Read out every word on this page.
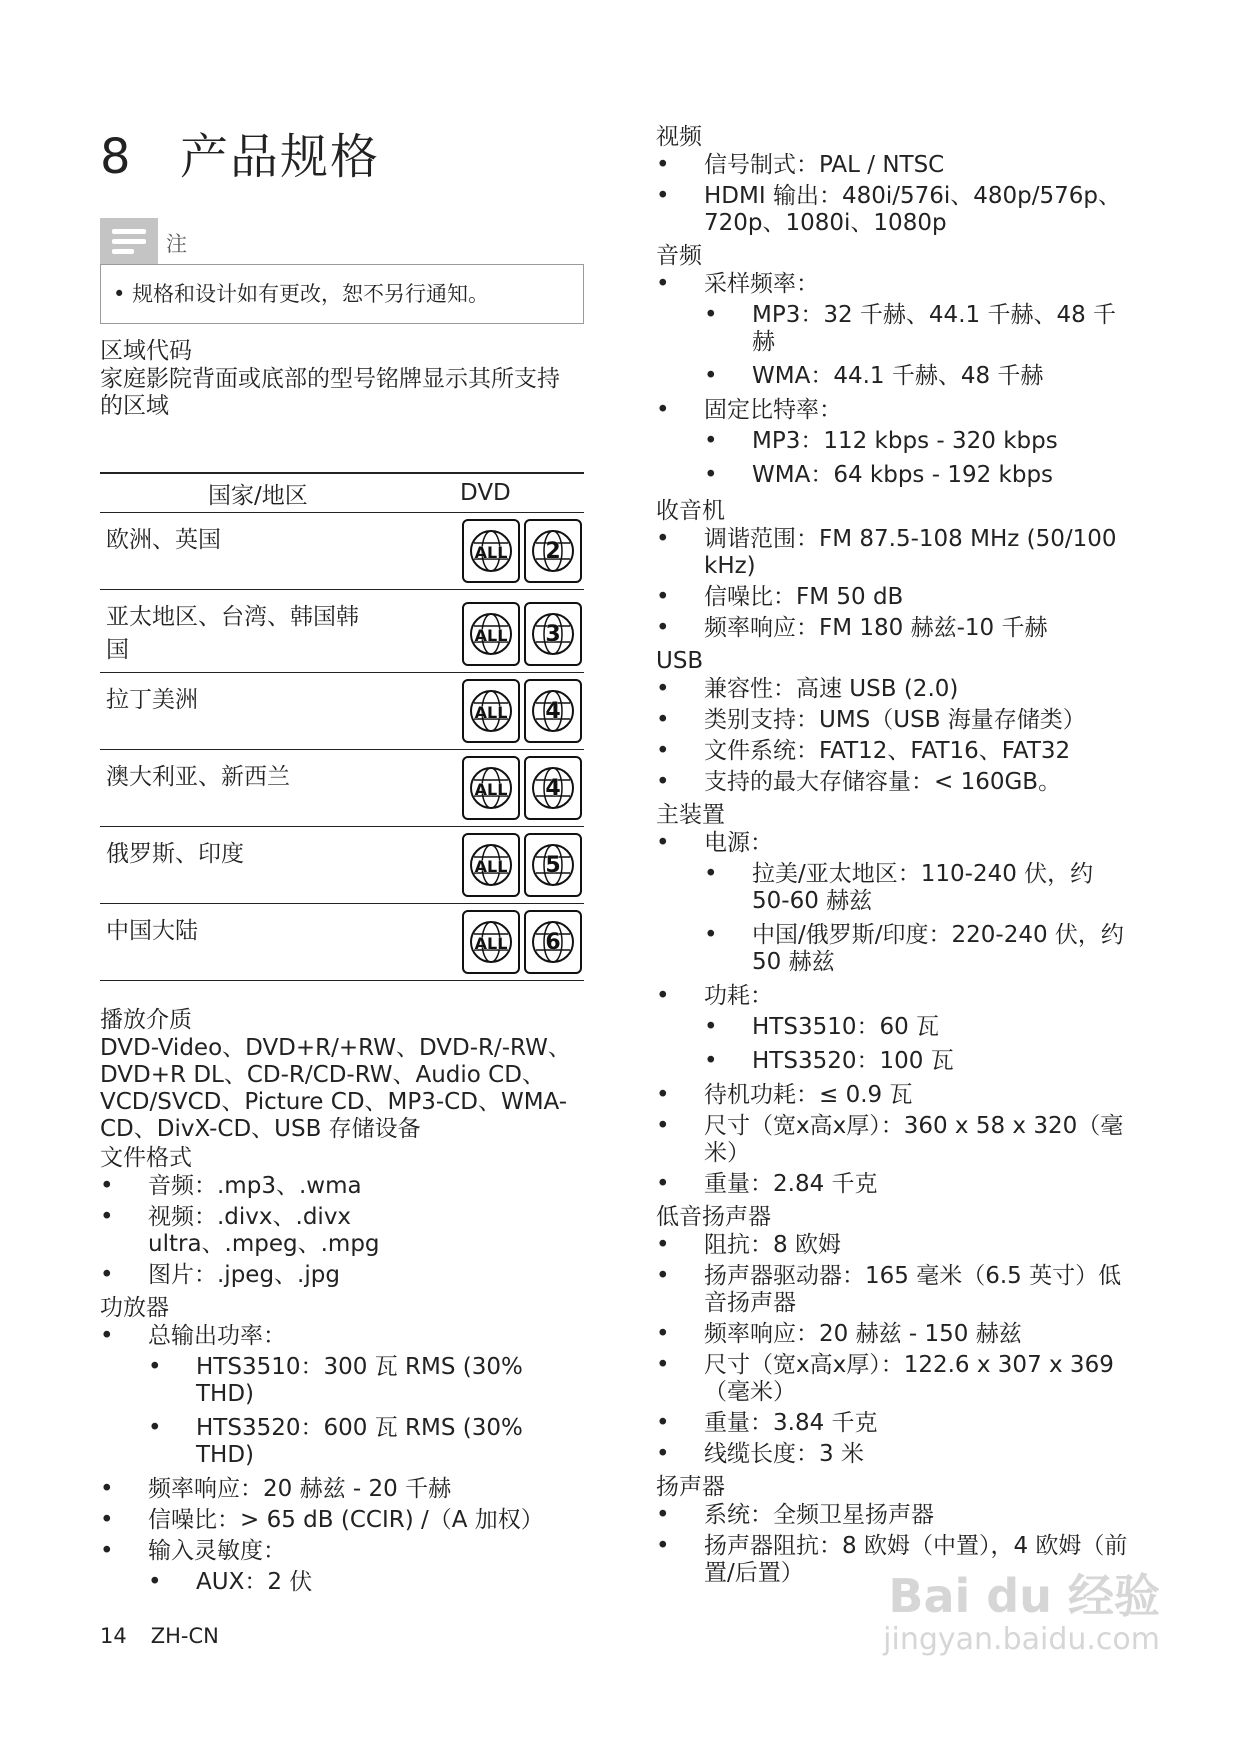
8 产品规格
注
• 规格和设计如有更改，恕不另行通知。
区域代码
家庭影院背面或底部的型号铭牌显示其所支持的区域
国家/地区	DVD
欧洲、英国	ALL 2

亚太地区、台湾、韩国韩国	ALL 3

拉丁美洲	ALL 4

澳大利亚、新西兰	ALL 4

俄罗斯、印度	ALL 5

中国大陆	ALL 6
播放介质
DVD-Video、DVD+R/+RW、DVD-R/-RW、DVD+R DL、CD-R/CD-RW、Audio CD、VCD/SVCD、Picture CD、MP3-CD、WMA-CD、DivX-CD、USB 存储设备
文件格式
• 音频：.mp3、.wma
• 视频：.divx、.divx ultra、.mpeg、.mpg
• 图片：.jpeg、.jpg
功放器
• 总输出功率：
• HTS3510：300 瓦 RMS (30% THD)
• HTS3520：600 瓦 RMS (30% THD)
• 频率响应：20 赫兹 - 20 千赫
• 信噪比：> 65 dB (CCIR) /（A 加权）
• 输入灵敏度：
• AUX：2 伏
视频
• 信号制式：PAL / NTSC
• HDMI 输出：480i/576i、480p/576p、720p、1080i、1080p
音频
• 采样频率：
• MP3：32 千赫、44.1 千赫、48 千赫
• WMA：44.1 千赫、48 千赫
• 固定比特率：
• MP3：112 kbps - 320 kbps
• WMA：64 kbps - 192 kbps
收音机
• 调谐范围：FM 87.5-108 MHz (50/100 kHz)
• 信噪比：FM 50 dB
• 频率响应：FM 180 赫兹-10 千赫
USB
• 兼容性：高速 USB (2.0)
• 类别支持：UMS（USB 海量存储类）
• 文件系统：FAT12、FAT16、FAT32
• 支持的最大存储容量：< 160GB。
主装置
• 电源：
• 拉美/亚太地区：110-240 伏，约 50-60 赫兹
• 中国/俄罗斯/印度：220-240 伏，约 50 赫兹
• 功耗：
• HTS3510：60 瓦
• HTS3520：100 瓦
• 待机功耗：≤ 0.9 瓦
• 尺寸（宽x高x厚）：360 x 58 x 320（毫米）
• 重量：2.84 千克
低音扬声器
• 阻抗：8 欧姆
• 扬声器驱动器：165 毫米（6.5 英寸）低音扬声器
• 频率响应：20 赫兹 - 150 赫兹
• 尺寸（宽x高x厚）：122.6 x 307 x 369（毫米）
• 重量：3.84 千克
• 线缆长度：3 米
扬声器
• 系统：全频卫星扬声器
• 扬声器阻抗：8 欧姆（中置），4 欧姆（前置/后置）
14 ZH-CN
Bai du 经验
jingyan.baidu.com
